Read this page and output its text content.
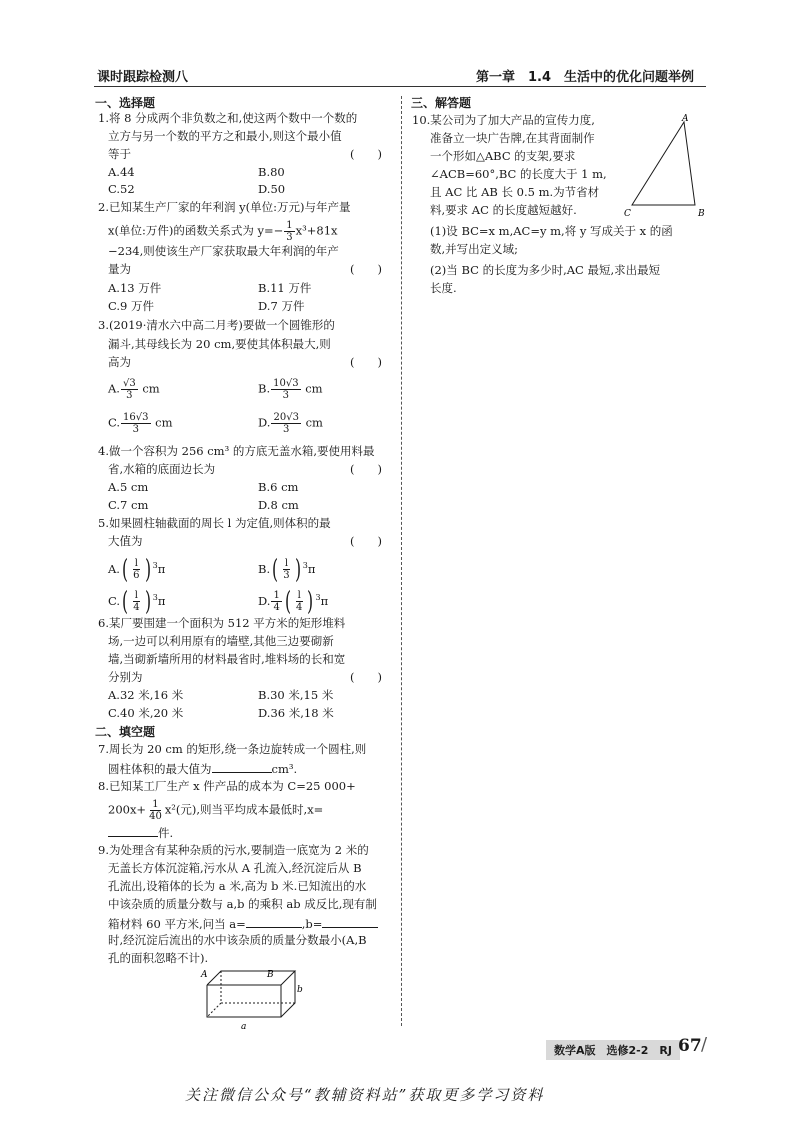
课时跟踪检测八	第一章　1.4　生活中的优化问题举例
一、选择题
1.将 8 分成两个非负数之和,使这两个数中一个数的
立方与另一个数的平方之和最小,则这个最小值
等于	(　　)
A.44	B.80
C.52	D.50
2.已知某生产厂家的年利润 y(单位:万元)与年产量
x(单位:万件)的函数关系式为 $y=- \frac{1}{3} x^3+81x$
−234,则使该生产厂家获取最大年利润的年产
量为	(　　)
A.13 万件	B.11 万件
C.9 万件	D.7 万件
3.(2019·清水六中高二月考)要做一个圆锥形的
漏斗,其母线长为 20 cm,要使其体积最大,则
高为	(　　)
A. $\frac{√3}{3}$ cm	B. $\frac{10√3}{3}$ cm
C. $\frac{16√3}{3}$ cm	D. $\frac{20√3}{3}$ cm
4.做一个容积为 256 cm³ 的方底无盖水箱,要使用料最
省,水箱的底面边长为	(　　)
A.5 cm	B.6 cm
C.7 cm	D.8 cm
5.如果圆柱轴截面的周长 l 为定值,则体积的最
大值为	(　　)
$A.( \frac{l}{6}$ ) $^3$π	$B.( \frac{l}{3}$ ) $^3$π
$C.( \frac{l}{4}$ ) $^3$π	D. $\frac{1}{4}$ ( $\frac{l}{4}$ ) $^3$π
6.某厂要围建一个面积为 512 平方米的矩形堆料
场,一边可以利用原有的墙壁,其他三边要砌新
墙,当砌新墙所用的材料最省时,堆料场的长和宽
分别为	(　　)
A.32 米,16 米	B.30 米,15 米
C.40 米,20 米	D.36 米,18 米
二、填空题
7.周长为 20 cm 的矩形,绕一条边旋转成一个圆柱,则
圆柱体积的最大值为	cm³.
8.已知某工厂生产 x 件产品的成本为 C=25 000+
$200x+ \frac{1}{40} x^2$(元),则当平均成本最低时,x=
件.
9.为处理含有某种杂质的污水,要制造一底宽为 2 米的
无盖长方体沉淀箱,污水从 A 孔流入,经沉淀后从 B
孔流出,设箱体的长为 a 米,高为 b 米.已知流出的水
中该杂质的质量分数与 a,b 的乘积 ab 成反比,现有制
箱材料 60 平方米,问当 a=	,b=
时,经沉淀后流出的水中该杂质的质量分数最小(A,B
孔的面积忽略不计).
A	B
b
a
三、解答题
10.某公司为了加大产品的宣传力度,
准备立一块广告牌,在其背面制作
一个形如△ABC 的支架,要求
∠ACB=60°,BC 的长度大于 1 m,
且 AC 比 AB 长 0.5 m.为节省材
料,要求 AC 的长度越短越好.
(1)设 BC=x m,AC=y m,将 y 写成关于 x 的函
数,并写出定义域;
(2)当 BC 的长度为多少时,AC 最短,求出最短
长度.
A
C	B
数学A版　选修2-2　RJ 67 /
关注微信公众号“教辅资料站”获取更多学习资料
